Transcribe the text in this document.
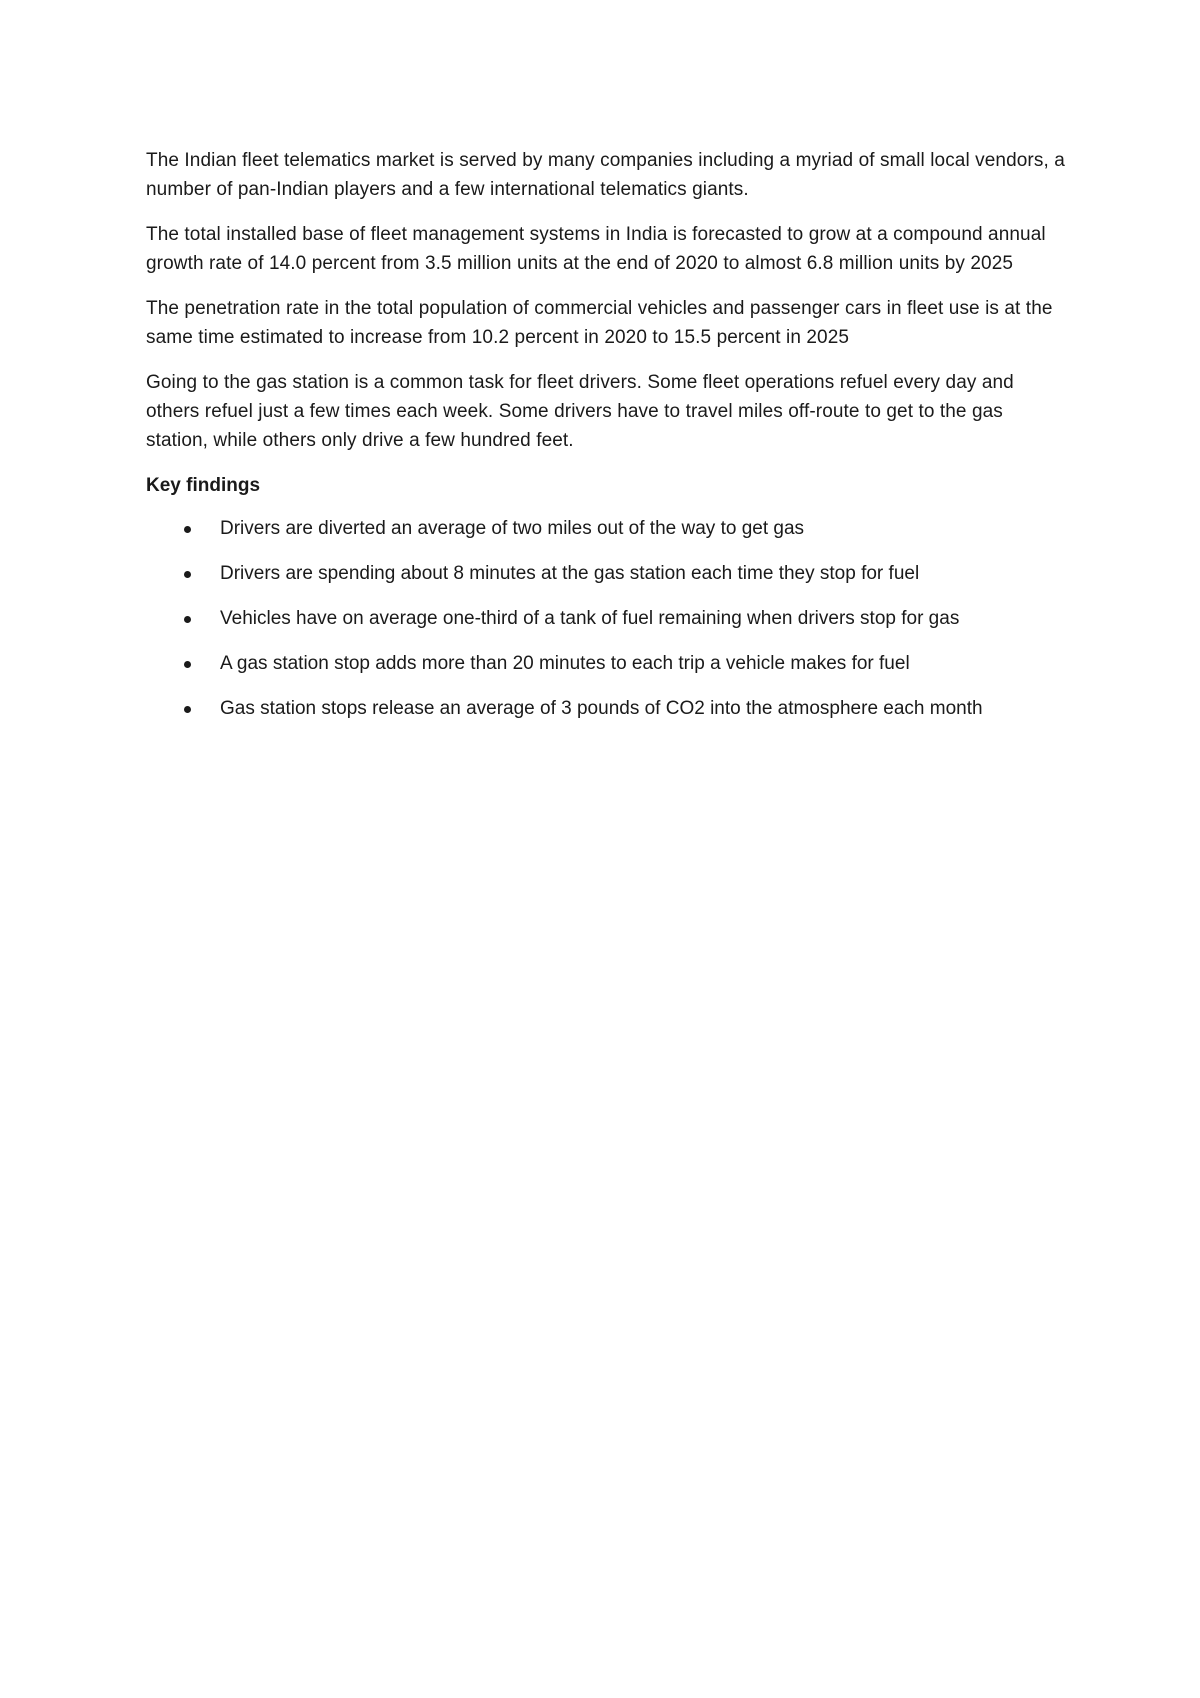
The Indian fleet telematics market is served by many companies including a myriad of small local vendors, a number of pan-Indian players and a few international telematics giants.

The total installed base of fleet management systems in India is forecasted to grow at a compound annual growth rate of 14.0 percent from 3.5 million units at the end of 2020 to almost 6.8 million units by 2025

The penetration rate in the total population of commercial vehicles and passenger cars in fleet use is at the same time estimated to increase from 10.2 percent in 2020 to 15.5 percent in 2025

Going to the gas station is a common task for fleet drivers. Some fleet operations refuel every day and others refuel just a few times each week. Some drivers have to travel miles off-route to get to the gas station, while others only drive a few hundred feet.

Key findings
Drivers are diverted an average of two miles out of the way to get gas
Drivers are spending about 8 minutes at the gas station each time they stop for fuel
Vehicles have on average one-third of a tank of fuel remaining when drivers stop for gas
A gas station stop adds more than 20 minutes to each trip a vehicle makes for fuel
Gas station stops release an average of 3 pounds of CO2 into the atmosphere each month
